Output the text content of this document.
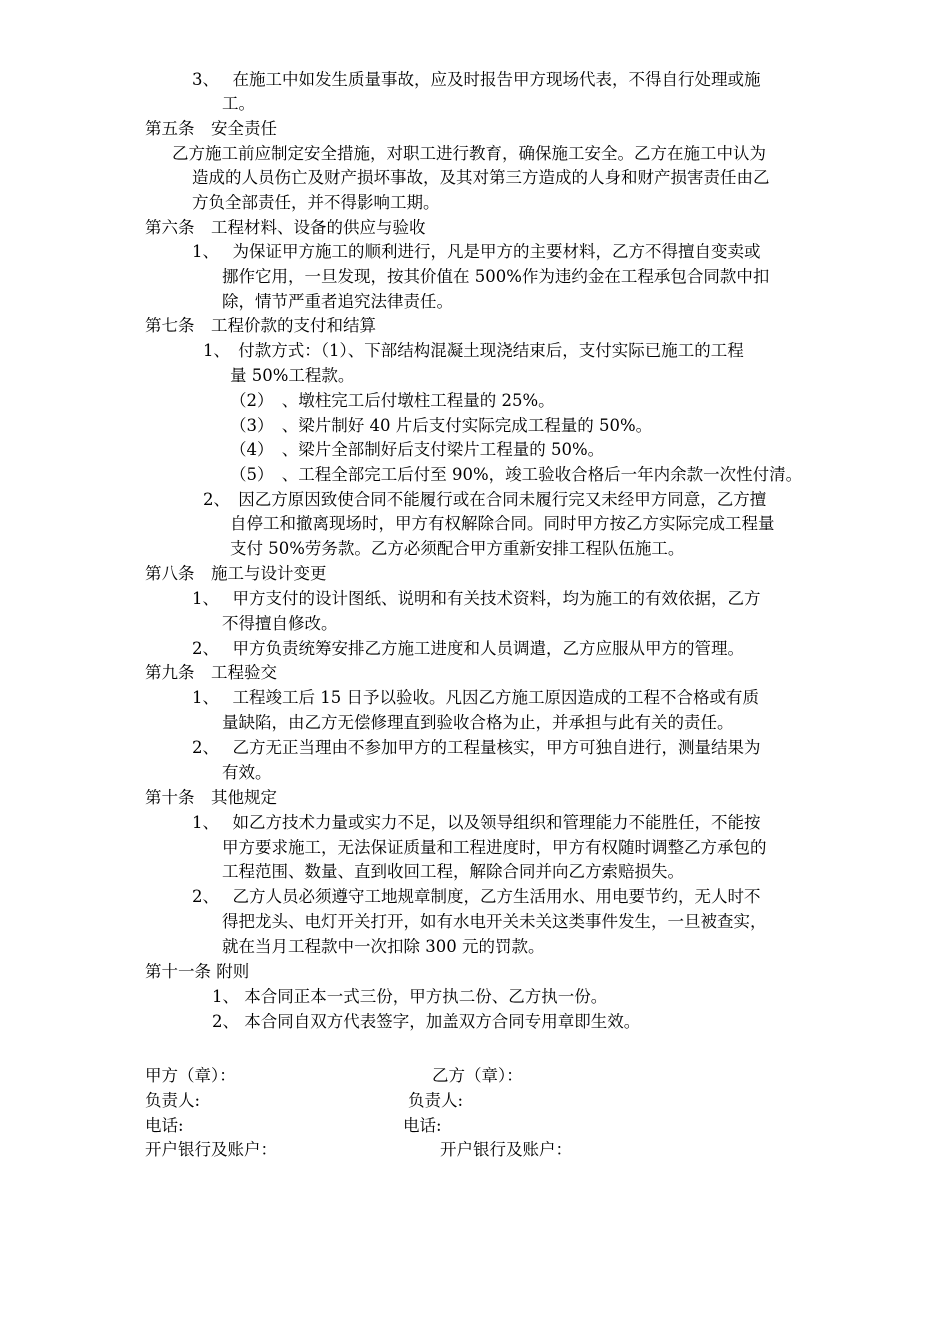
3、　 在施工中如发生质量事故，应及时报告甲方现场代表，不得自行处理或施
工。
第五条　安全责任
乙方施工前应制定安全措施，对职工进行教育，确保施工安全。乙方在施工中认为
造成的人员伤亡及财产损坏事故，及其对第三方造成的人身和财产损害责任由乙
方负全部责任，并不得影响工期。
第六条　工程材料、设备的供应与验收
1、　 为保证甲方施工的顺利进行，凡是甲方的主要材料，乙方不得擅自变卖或
挪作它用，一旦发现，按其价值在 500%作为违约金在工程承包合同款中扣
除，情节严重者追究法律责任。
第七条　工程价款的支付和结算
1、　付款方式：（1）、下部结构混凝土现浇结束后，支付实际已施工的工程
量 50%工程款。
（2）　、墩柱完工后付墩柱工程量的 25%。
（3）　、梁片制好 40 片后支付实际完成工程量的 50%。
（4）　、梁片全部制好后支付梁片工程量的 50%。
（5）　、工程全部完工后付至 90%，竣工验收合格后一年内余款一次性付清。
2、　因乙方原因致使合同不能履行或在合同未履行完又未经甲方同意，乙方擅
自停工和撤离现场时，甲方有权解除合同。同时甲方按乙方实际完成工程量
支付 50%劳务款。乙方必须配合甲方重新安排工程队伍施工。
第八条　施工与设计变更
1、　 甲方支付的设计图纸、说明和有关技术资料，均为施工的有效依据，乙方
不得擅自修改。
2、　 甲方负责统筹安排乙方施工进度和人员调遣，乙方应服从甲方的管理。
第九条　工程验交
1、　 工程竣工后 15 日予以验收。凡因乙方施工原因造成的工程不合格或有质
量缺陷，由乙方无偿修理直到验收合格为止，并承担与此有关的责任。
2、　 乙方无正当理由不参加甲方的工程量核实，甲方可独自进行，测量结果为
有效。
第十条　其他规定
1、　 如乙方技术力量或实力不足，以及领导组织和管理能力不能胜任，不能按
甲方要求施工，无法保证质量和工程进度时，甲方有权随时调整乙方承包的
工程范围、数量、直到收回工程，解除合同并向乙方索赔损失。
2、　 乙方人员必须遵守工地规章制度，乙方生活用水、用电要节约，无人时不
得把龙头、电灯开关打开，如有水电开关未关这类事件发生，一旦被查实，
就在当月工程款中一次扣除 300 元的罚款。
第十一条 附则
1、 本合同正本一式三份，甲方执二份、乙方执一份。
2、 本合同自双方代表签字，加盖双方合同专用章即生效。
甲方（章）：	乙方（章）：
负责人:	负责人:
电话:	电话:
开户银行及账户：	开户银行及账户：
